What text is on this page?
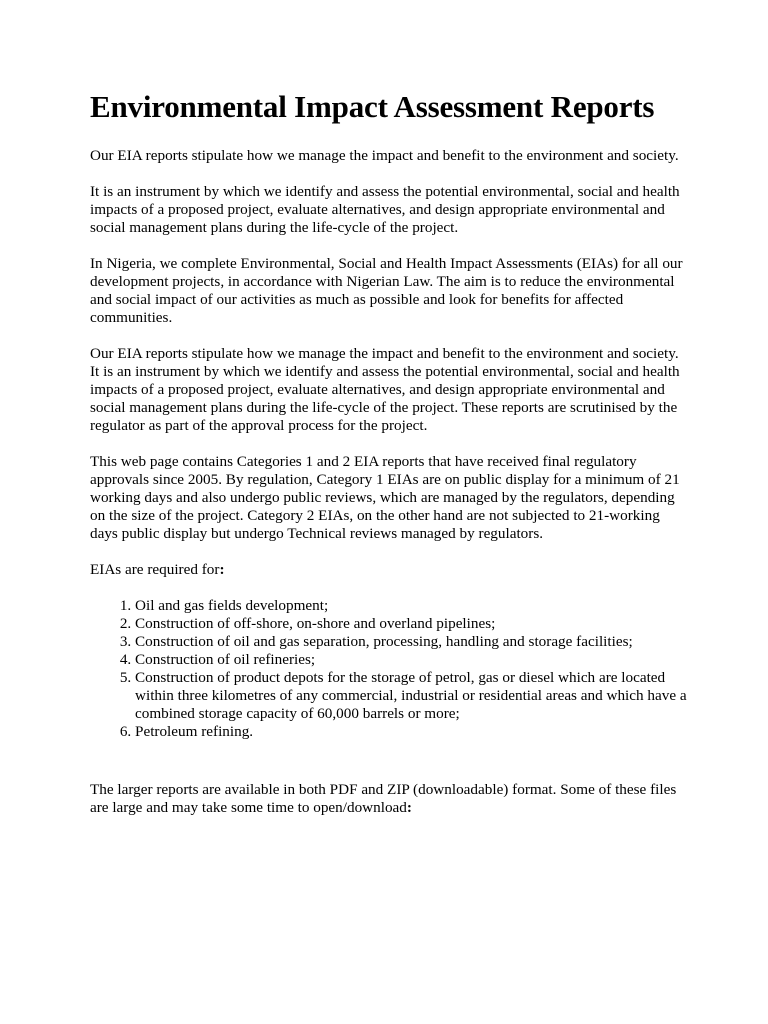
Environmental Impact Assessment Reports

Our EIA reports stipulate how we manage the impact and benefit to the environment and society.

It is an instrument by which we identify and assess the potential environmental, social and health impacts of a proposed project, evaluate alternatives, and design appropriate environmental and social management plans during the life-cycle of the project.

In Nigeria, we complete Environmental, Social and Health Impact Assessments (EIAs) for all our development projects, in accordance with Nigerian Law. The aim is to reduce the environmental and social impact of our activities as much as possible and look for benefits for affected communities.

Our EIA reports stipulate how we manage the impact and benefit to the environment and society. It is an instrument by which we identify and assess the potential environmental, social and health impacts of a proposed project, evaluate alternatives, and design appropriate environmental and social management plans during the life-cycle of the project. These reports are scrutinised by the regulator as part of the approval process for the project.

This web page contains Categories 1 and 2 EIA reports that have received final regulatory approvals since 2005. By regulation, Category 1 EIAs are on public display for a minimum of 21 working days and also undergo public reviews, which are managed by the regulators, depending on the size of the project. Category 2 EIAs, on the other hand are not subjected to 21-working days public display but undergo Technical reviews managed by regulators.

EIAs are required for:

1. Oil and gas fields development;
2. Construction of off-shore, on-shore and overland pipelines;
3. Construction of oil and gas separation, processing, handling and storage facilities;
4. Construction of oil refineries;
5. Construction of product depots for the storage of petrol, gas or diesel which are located within three kilometres of any commercial, industrial or residential areas and which have a combined storage capacity of 60,000 barrels or more;
6. Petroleum refining.

The larger reports are available in both PDF and ZIP (downloadable) format. Some of these files are large and may take some time to open/download:
